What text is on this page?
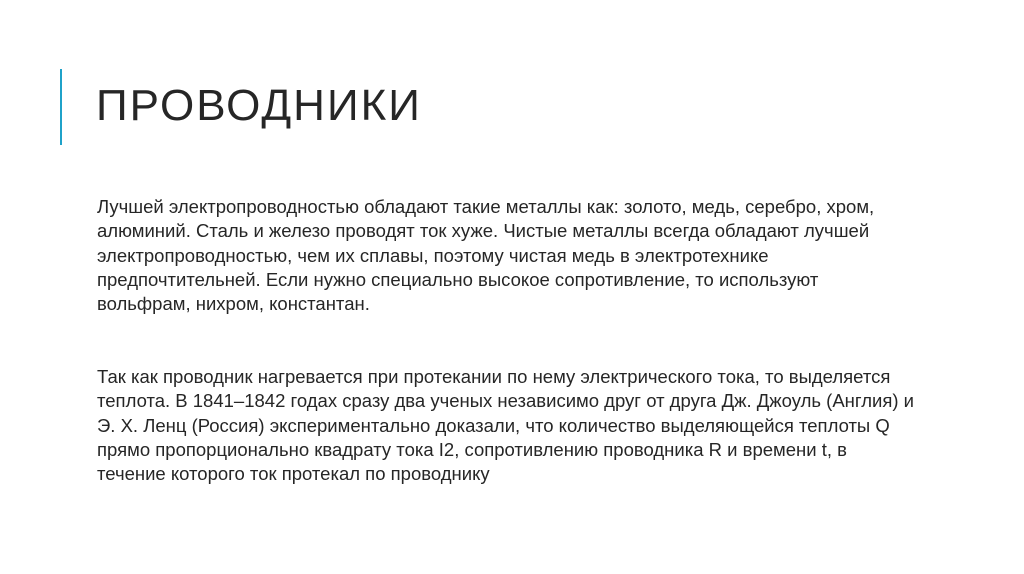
ПРОВОДНИКИ

Лучшей электропроводностью обладают такие металлы как: золото, медь, серебро, хром, алюминий. Сталь и железо проводят ток хуже. Чистые металлы всегда обладают лучшей электропроводностью, чем их сплавы, поэтому чистая медь в электротехнике предпочтительней. Если нужно специально высокое сопротивление, то используют вольфрам, нихром, константан.

Так как проводник нагревается при протекании по нему электрического тока, то выделяется теплота. В 1841–1842 годах сразу два ученых независимо друг от друга Дж. Джоуль (Англия) и Э. Х. Ленц (Россия) экспериментально доказали, что количество выделяющейся теплоты Q прямо пропорционально квадрату тока I2, сопротивлению проводника R и времени t, в течение которого ток протекал по проводнику
